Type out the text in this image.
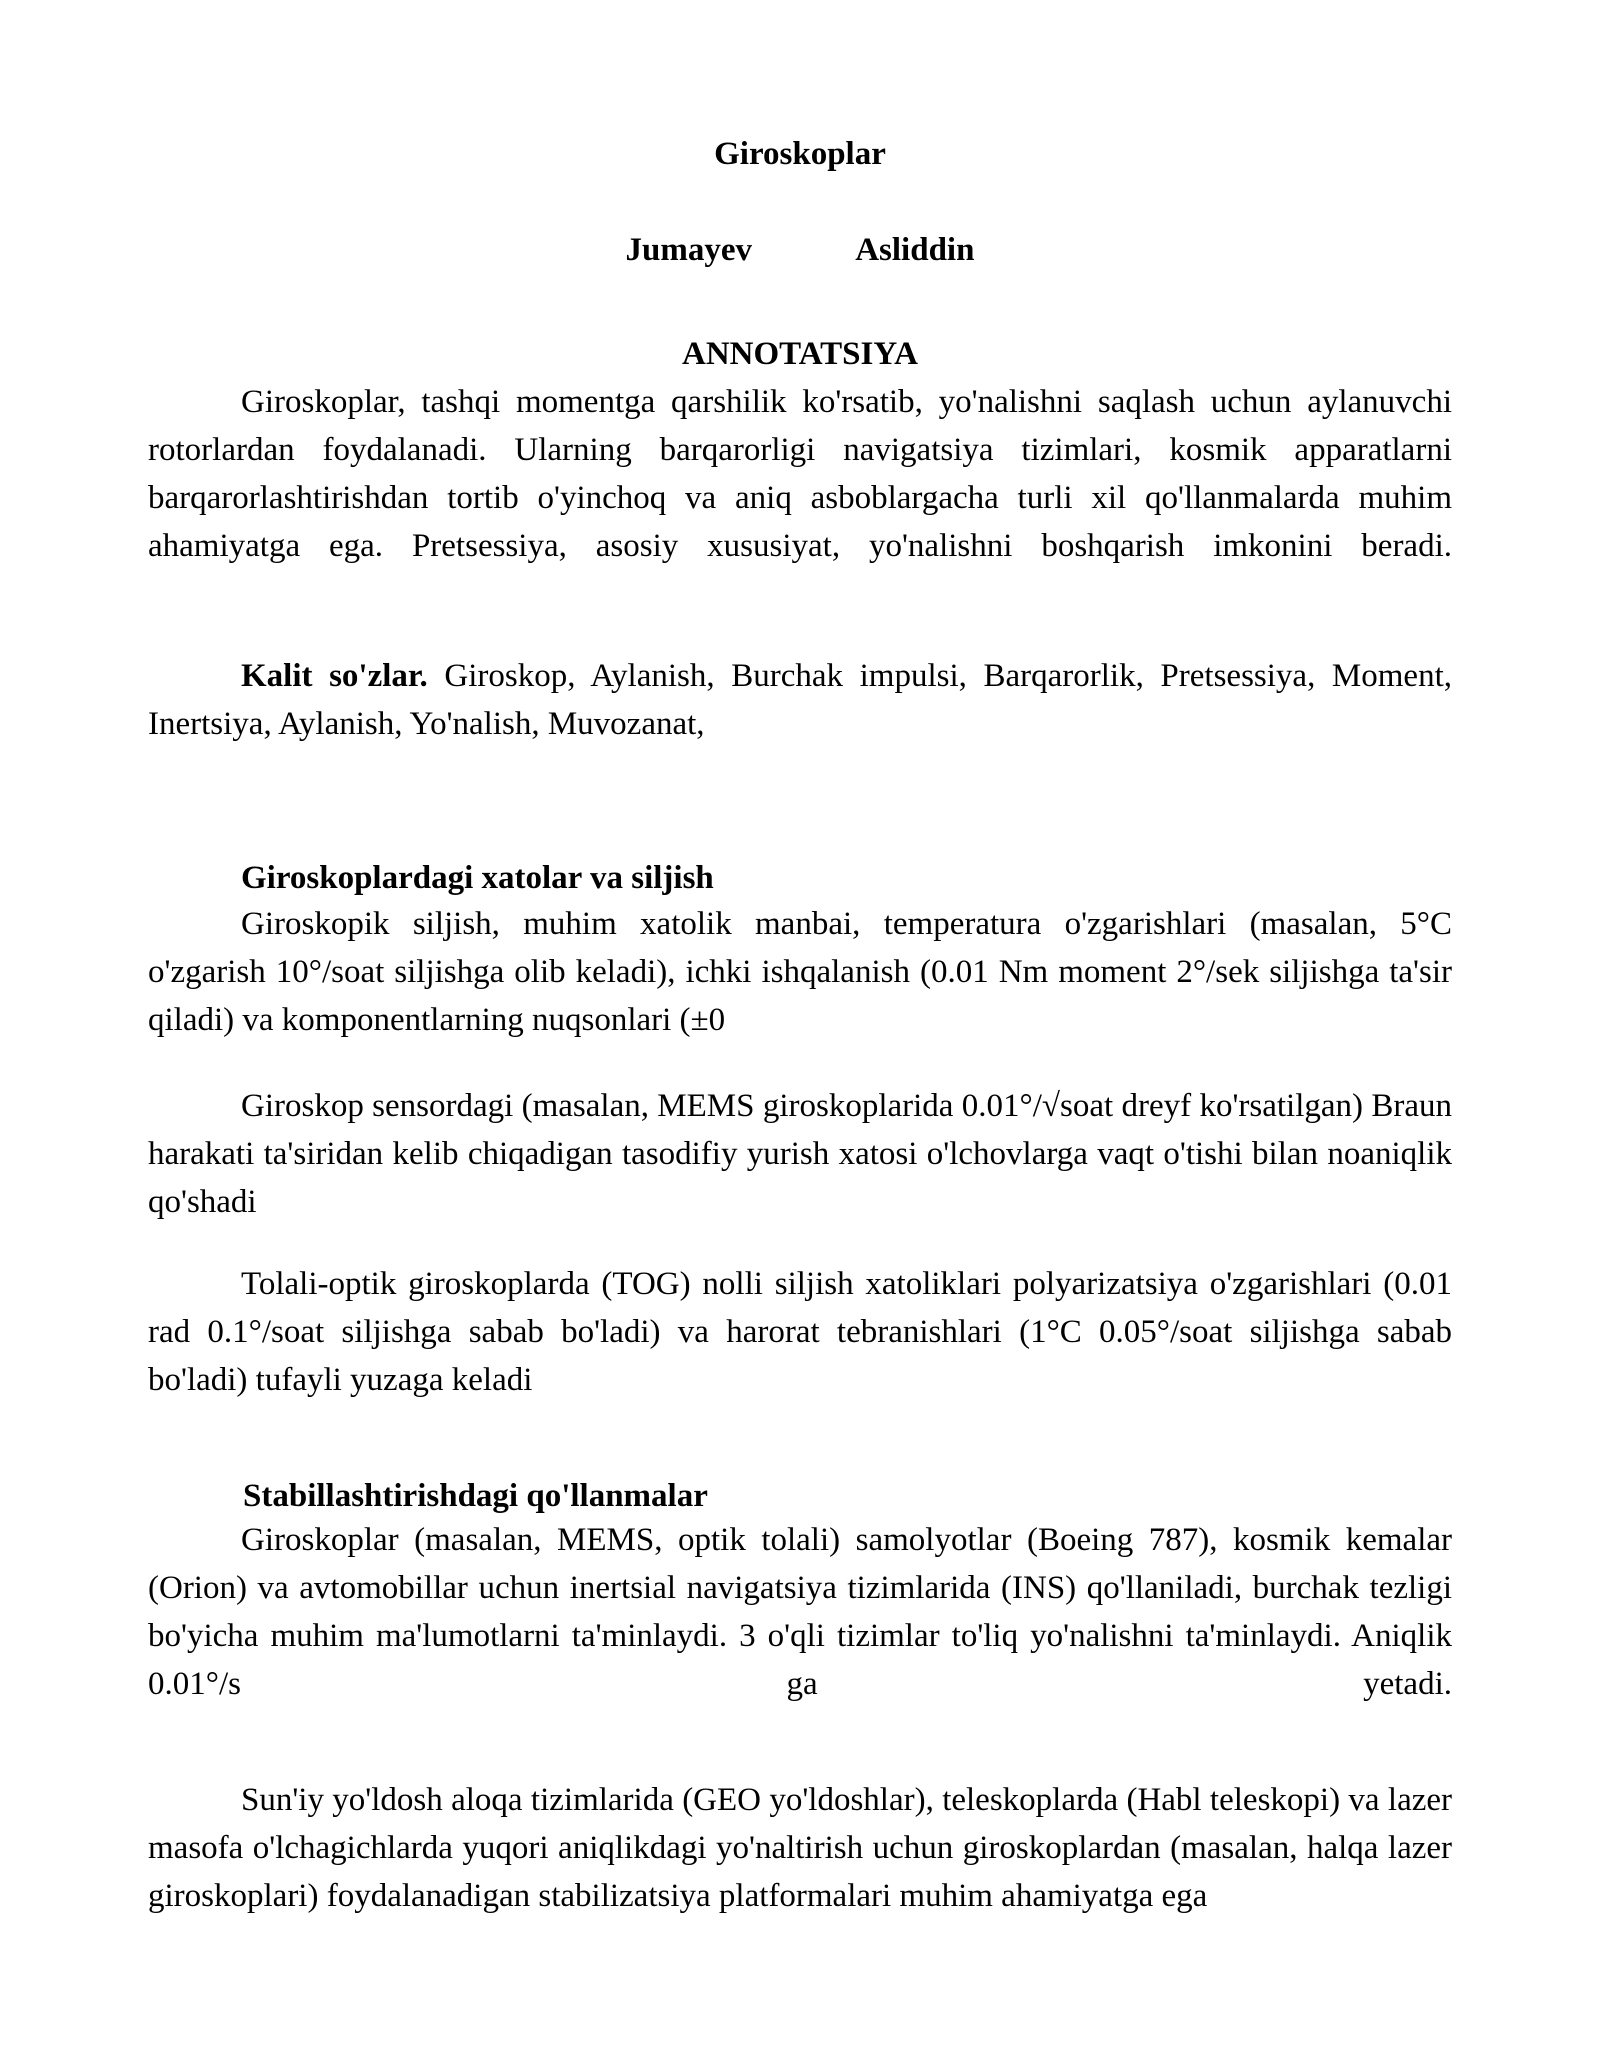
Giroskoplar
Jumayev    Asliddin
ANNOTATSIYA

Giroskoplar, tashqi momentga qarshilik ko'rsatib, yo'nalishni saqlash uchun aylanuvchi rotorlardan foydalanadi. Ularning barqarorligi navigatsiya tizimlari, kosmik apparatlarni barqarorlashtirishdan tortib o'yinchoq va aniq asboblargacha turli xil qo'llanmalarda muhim ahamiyatga ega. Pretsessiya, asosiy xususiyat, yo'nalishni boshqarish imkonini beradi.

Kalit so'zlar. Giroskop, Aylanish, Burchak impulsi, Barqarorlik, Pretsessiya, Moment, Inertsiya, Aylanish, Yo'nalish, Muvozanat,

Giroskoplardagi xatolar va siljish

Giroskopik siljish, muhim xatolik manbai, temperatura o'zgarishlari (masalan, 5°C o'zgarish 10°/soat siljishga olib keladi), ichki ishqalanish (0.01 Nm moment 2°/sek siljishga ta'sir qiladi) va komponentlarning nuqsonlari (±0

Giroskop sensordagi (masalan, MEMS giroskoplarida 0.01°/√soat dreyf ko'rsatilgan) Braun harakati ta'siridan kelib chiqadigan tasodifiy yurish xatosi o'lchovlarga vaqt o'tishi bilan noaniqlik qo'shadi

Tolali-optik giroskoplarda (TOG) nolli siljish xatoliklari polyarizatsiya o'zgarishlari (0.01 rad 0.1°/soat siljishga sabab bo'ladi) va harorat tebranishlari (1°C 0.05°/soat siljishga sabab bo'ladi) tufayli yuzaga keladi

Stabillashtirishdagi qo'llanmalar

Giroskoplar (masalan, MEMS, optik tolali) samolyotlar (Boeing 787), kosmik kemalar (Orion) va avtomobillar uchun inertsial navigatsiya tizimlarida (INS) qo'llaniladi, burchak tezligi bo'yicha muhim ma'lumotlarni ta'minlaydi. 3 o'qli tizimlar to'liq yo'nalishni ta'minlaydi. Aniqlik 0.01°/s ga yetadi.

Sun'iy yo'ldosh aloqa tizimlarida (GEO yo'ldoshlar), teleskoplarda (Habl teleskopi) va lazer masofa o'lchagichlarda yuqori aniqlikdagi yo'naltirish uchun giroskoplardan (masalan, halqa lazer giroskoplari) foydalanadigan stabilizatsiya platformalari muhim ahamiyatga ega
